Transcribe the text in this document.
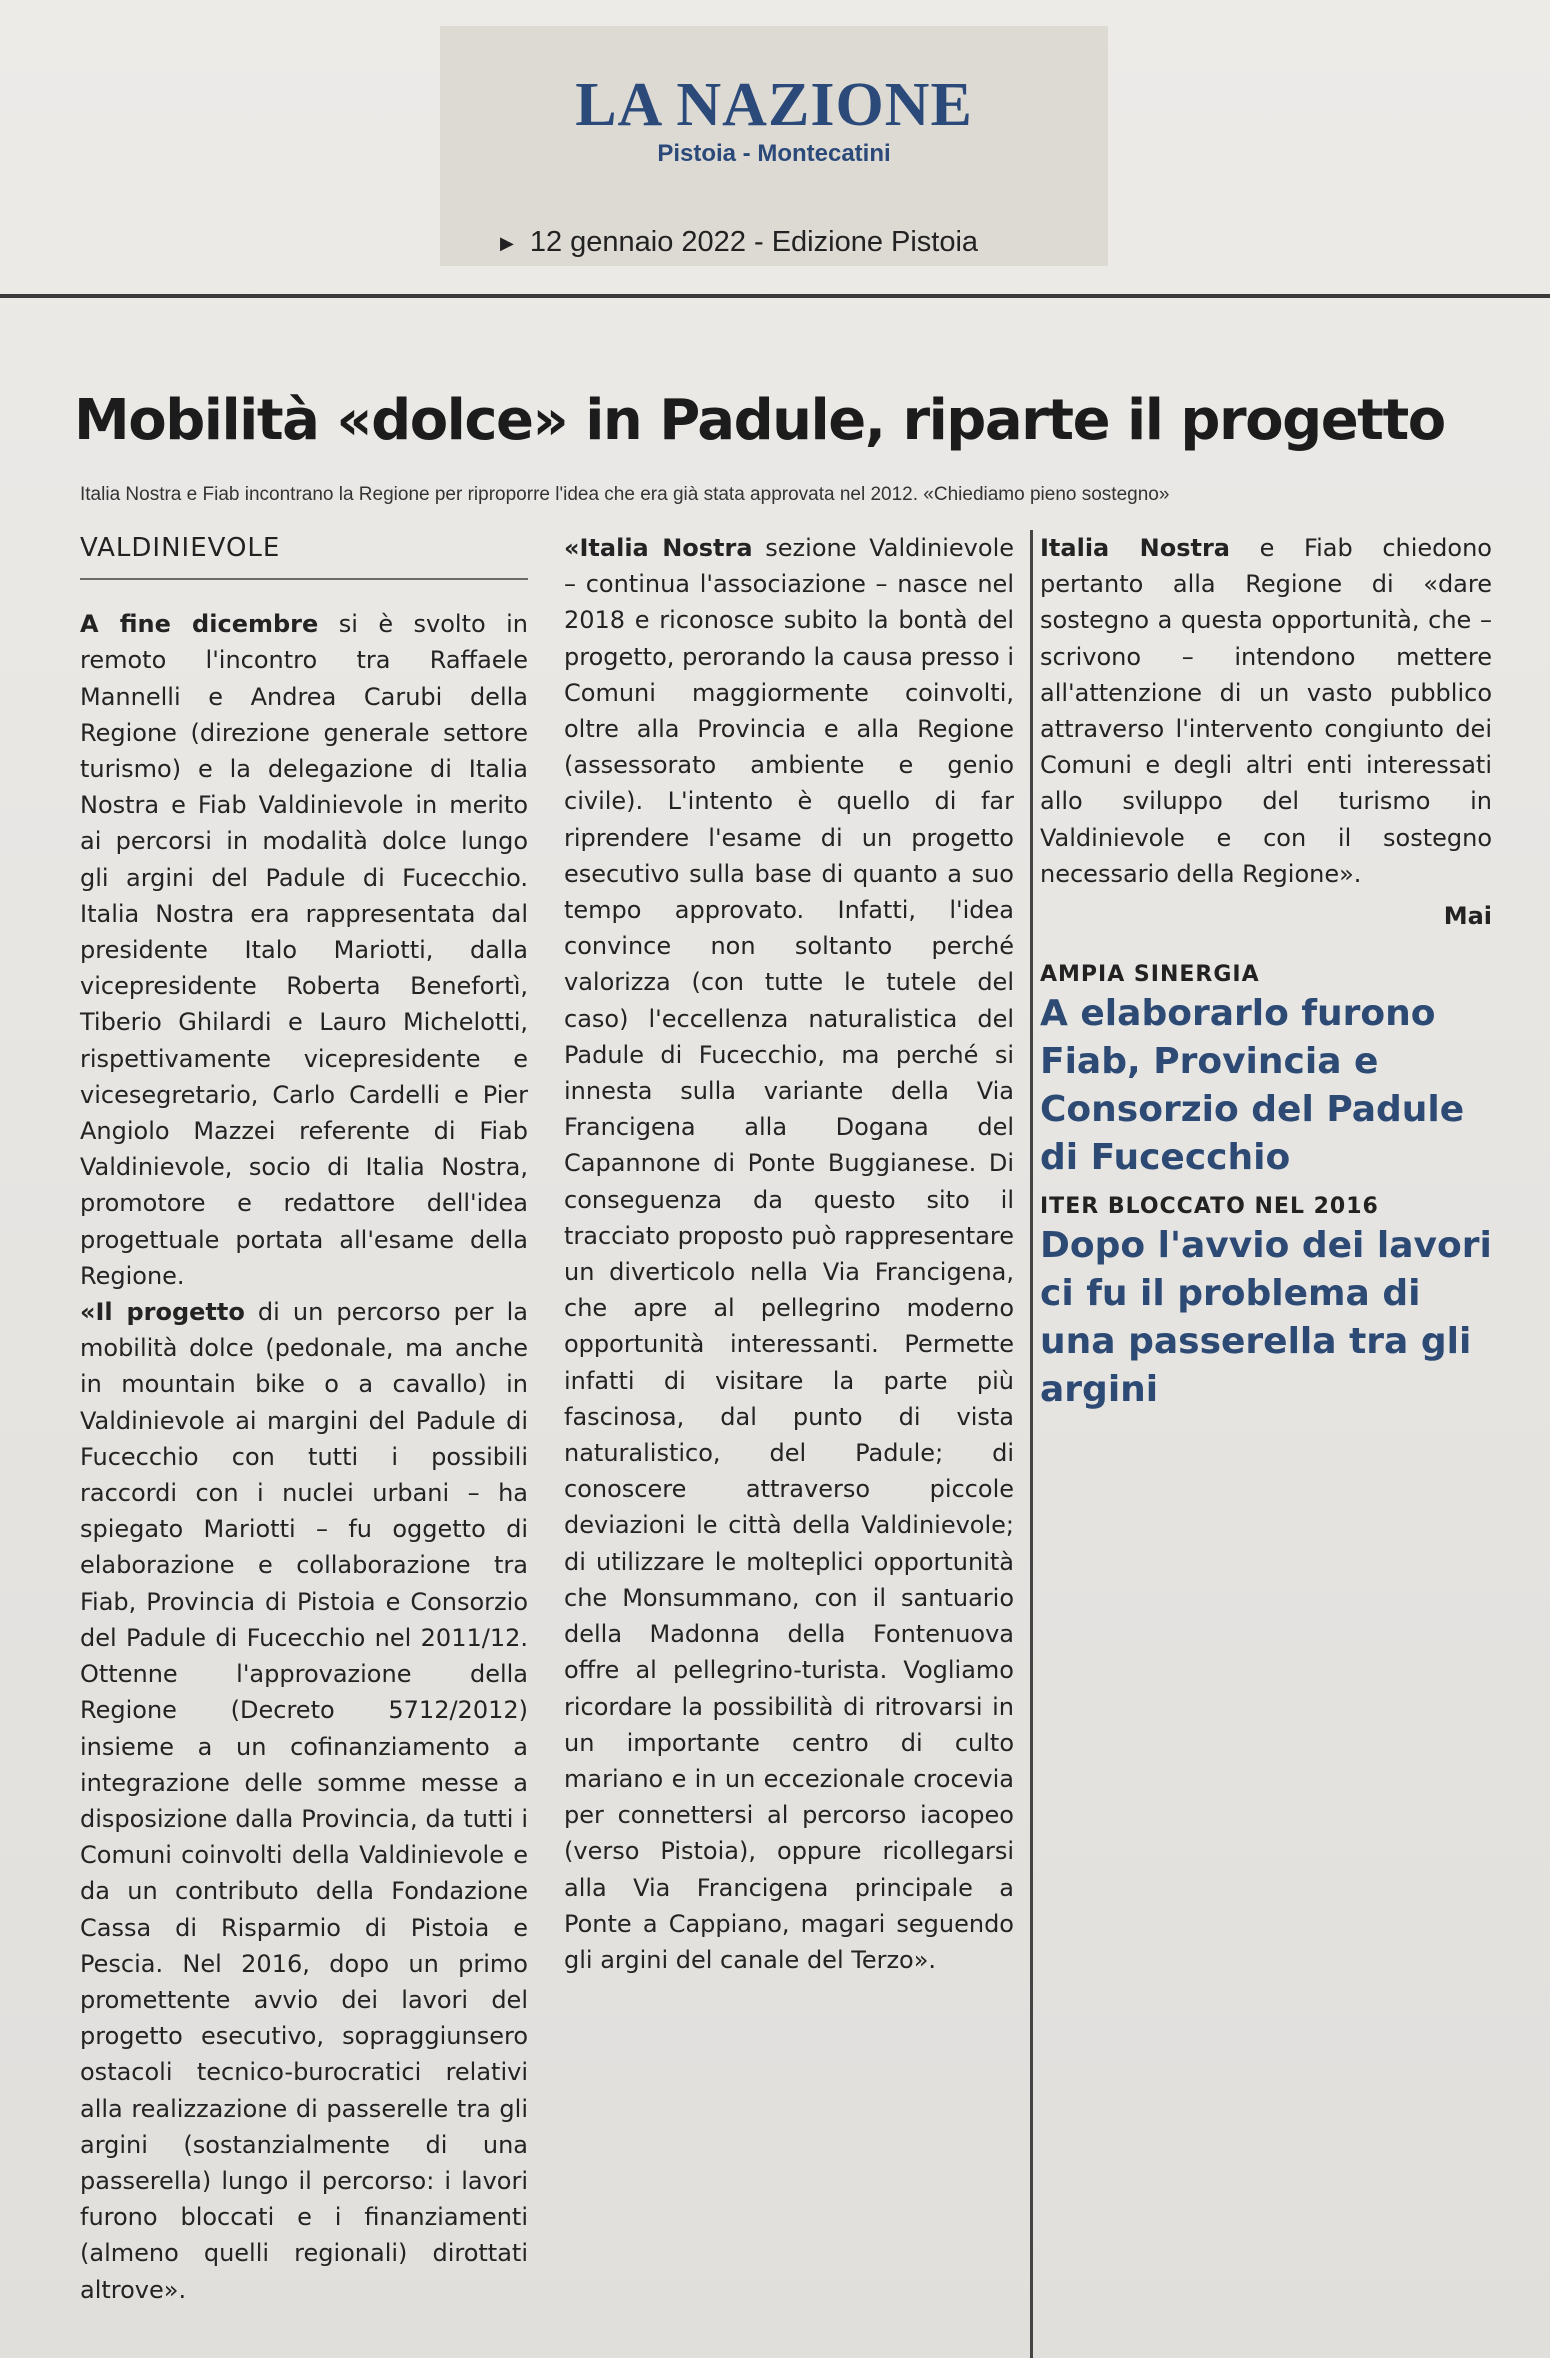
LA NAZIONE
Pistoia - Montecatini
▶ 12 gennaio 2022 - Edizione Pistoia
Mobilità «dolce» in Padule, riparte il progetto
Italia Nostra e Fiab incontrano la Regione per riproporre l'idea che era già stata approvata nel 2012. «Chiediamo pieno sostegno»
VALDINIEVOLE

A fine dicembre si è svolto in remoto l'incontro tra Raffaele Mannelli e Andrea Carubi della Regione (direzione generale settore turismo) e la delegazione di Italia Nostra e Fiab Valdinievole in merito ai percorsi in modalità dolce lungo gli argini del Padule di Fucecchio. Italia Nostra era rappresentata dal presidente Italo Mariotti, dalla vicepresidente Roberta Benefortì, Tiberio Ghilardi e Lauro Michelotti, rispettivamente vicepresidente e vicesegretario, Carlo Cardelli e Pier Angiolo Mazzei referente di Fiab Valdinievole, socio di Italia Nostra, promotore e redattore dell'idea progettuale portata all'esame della Regione.

«Il progetto di un percorso per la mobilità dolce (pedonale, ma anche in mountain bike o a cavallo) in Valdinievole ai margini del Padule di Fucecchio con tutti i possibili raccordi con i nuclei urbani – ha spiegato Mariotti – fu oggetto di elaborazione e collaborazione tra Fiab, Provincia di Pistoia e Consorzio del Padule di Fucecchio nel 2011/12. Ottenne l'approvazione della Regione (Decreto 5712/2012) insieme a un cofinanziamento a integrazione delle somme messe a disposizione dalla Provincia, da tutti i Comuni coinvolti della Valdinievole e da un contributo della Fondazione Cassa di Risparmio di Pistoia e Pescia. Nel 2016, dopo un primo promettente avvio dei lavori del progetto esecutivo, sopraggiunsero ostacoli tecnico-burocratici relativi alla realizzazione di passerelle tra gli argini (sostanzialmente di una passerella) lungo il percorso: i lavori furono bloccati e i finanziamenti (almeno quelli regionali) dirottati altrove».

«Italia Nostra sezione Valdinievole – continua l'associazione – nasce nel 2018 e riconosce subito la bontà del progetto, perorando la causa presso i Comuni maggiormente coinvolti, oltre alla Provincia e alla Regione (assessorato ambiente e genio civile). L'intento è quello di far riprendere l'esame di un progetto esecutivo sulla base di quanto a suo tempo approvato. Infatti, l'idea convince non soltanto perché valorizza (con tutte le tutele del caso) l'eccellenza naturalistica del Padule di Fucecchio, ma perché si innesta sulla variante della Via Francigena alla Dogana del Capannone di Ponte Buggianese. Di conseguenza da questo sito il tracciato proposto può rappresentare un diverticolo nella Via Francigena, che apre al pellegrino moderno opportunità interessanti. Permette infatti di visitare la parte più fascinosa, dal punto di vista naturalistico, del Padule; di conoscere attraverso piccole deviazioni le città della Valdinievole; di utilizzare le molteplici opportunità che Monsummano, con il santuario della Madonna della Fontenuova offre al pellegrino-turista. Vogliamo ricordare la possibilità di ritrovarsi in un importante centro di culto mariano e in un eccezionale crocevia per connettersi al percorso iacopeo (verso Pistoia), oppure ricollegarsi alla Via Francigena principale a Ponte a Cappiano, magari seguendo gli argini del canale del Terzo».

Italia Nostra e Fiab chiedono pertanto alla Regione di «dare sostegno a questa opportunità, che – scrivono – intendono mettere all'attenzione di un vasto pubblico attraverso l'intervento congiunto dei Comuni e degli altri enti interessati allo sviluppo del turismo in Valdinievole e con il sostegno necessario della Regione».

Mai
AMPIA SINERGIA
A elaborarlo furono Fiab, Provincia e Consorzio del Padule di Fucecchio
ITER BLOCCATO NEL 2016
Dopo l'avvio dei lavori ci fu il problema di una passerella tra gli argini
